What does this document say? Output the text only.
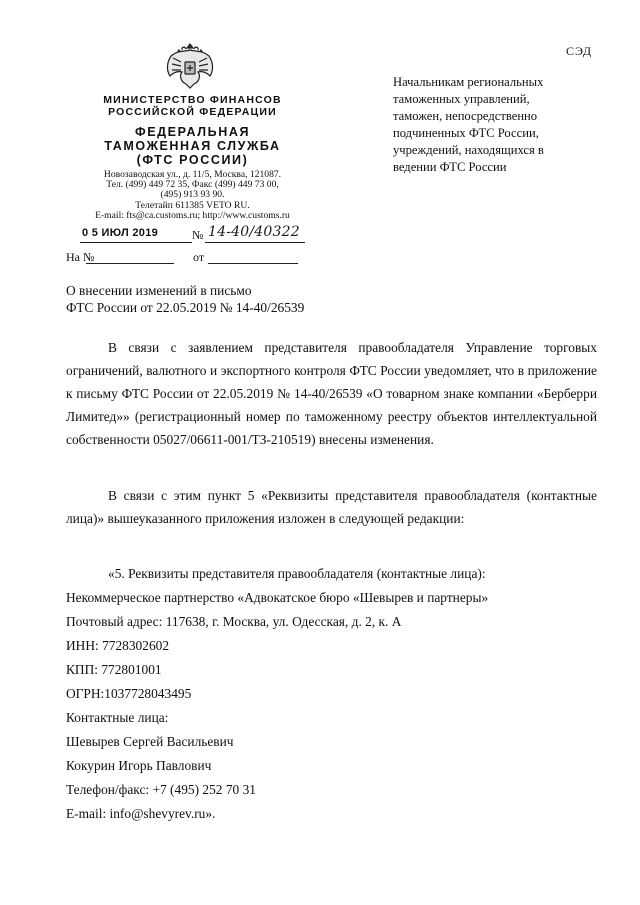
СЭД
МИНИСТЕРСТВО ФИНАНСОВ
РОССИЙСКОЙ ФЕДЕРАЦИИ
ФЕДЕРАЛЬНАЯ
ТАМОЖЕННАЯ СЛУЖБА
(ФТС РОССИИ)
Новозаводская ул., д. 11/5, Москва, 121087.
Тел. (499) 449 72 35, Факс (499) 449 73 00,
(495) 913 93 90.
Телетайп 611385 VETO RU.
E-mail: fts@ca.customs.ru; http://www.customs.ru
0 5 ИЮЛ 2019	№ 14-40/40322
На №	от
Начальникам региональных
таможенных управлений,
таможен, непосредственно
подчиненных ФТС России,
учреждений, находящихся в
ведении ФТС России
О внесении изменений в письмо
ФТС России от 22.05.2019 № 14-40/26539

В связи с заявлением представителя правообладателя Управление торговых ограничений, валютного и экспортного контроля ФТС России уведомляет, что в приложение к письму ФТС России от 22.05.2019 № 14-40/26539 «О товарном знаке компании «Берберри Лимитед»» (регистрационный номер по таможенному реестру объектов интеллектуальной собственности 05027/06611-001/ТЗ-210519) внесены изменения.

В связи с этим пункт 5 «Реквизиты представителя правообладателя (контактные лица)» вышеуказанного приложения изложен в следующей редакции:

«5. Реквизиты представителя правообладателя (контактные лица):
Некоммерческое партнерство «Адвокатское бюро «Шевырев и партнеры»
Почтовый адрес: 117638, г. Москва, ул. Одесская, д. 2, к. А
ИНН: 7728302602
КПП: 772801001
ОГРН:1037728043495
Контактные лица:
Шевырев Сергей Васильевич
Кокурин Игорь Павлович
Телефон/факс: +7 (495) 252 70 31
E-mail: info@shevyrev.ru».
